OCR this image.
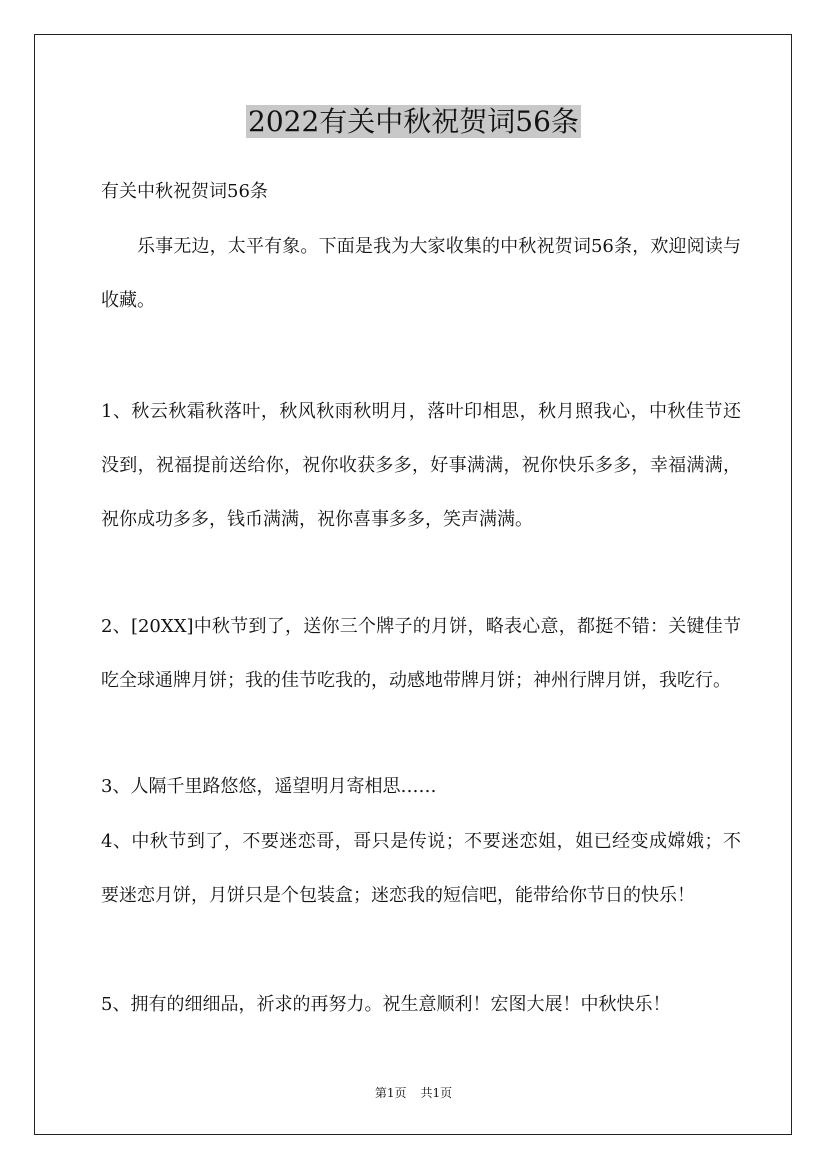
2022有关中秋祝贺词56条
有关中秋祝贺词56条

乐事无边，太平有象。下面是我为大家收集的中秋祝贺词56条，欢迎阅读与收藏。

1、秋云秋霜秋落叶，秋风秋雨秋明月，落叶印相思，秋月照我心，中秋佳节还没到，祝福提前送给你，祝你收获多多，好事满满，祝你快乐多多，幸福满满，祝你成功多多，钱币满满，祝你喜事多多，笑声满满。

2、[20XX]中秋节到了，送你三个牌子的月饼，略表心意，都挺不错：关键佳节吃全球通牌月饼；我的佳节吃我的，动感地带牌月饼；神州行牌月饼，我吃行。

3、人隔千里路悠悠，遥望明月寄相思……

4、中秋节到了，不要迷恋哥，哥只是传说；不要迷恋姐，姐已经变成嫦娥；不要迷恋月饼，月饼只是个包装盒；迷恋我的短信吧，能带给你节日的快乐！

5、拥有的细细品，祈求的再努力。祝生意顺利！宏图大展！中秋快乐！

第1页 共1页
